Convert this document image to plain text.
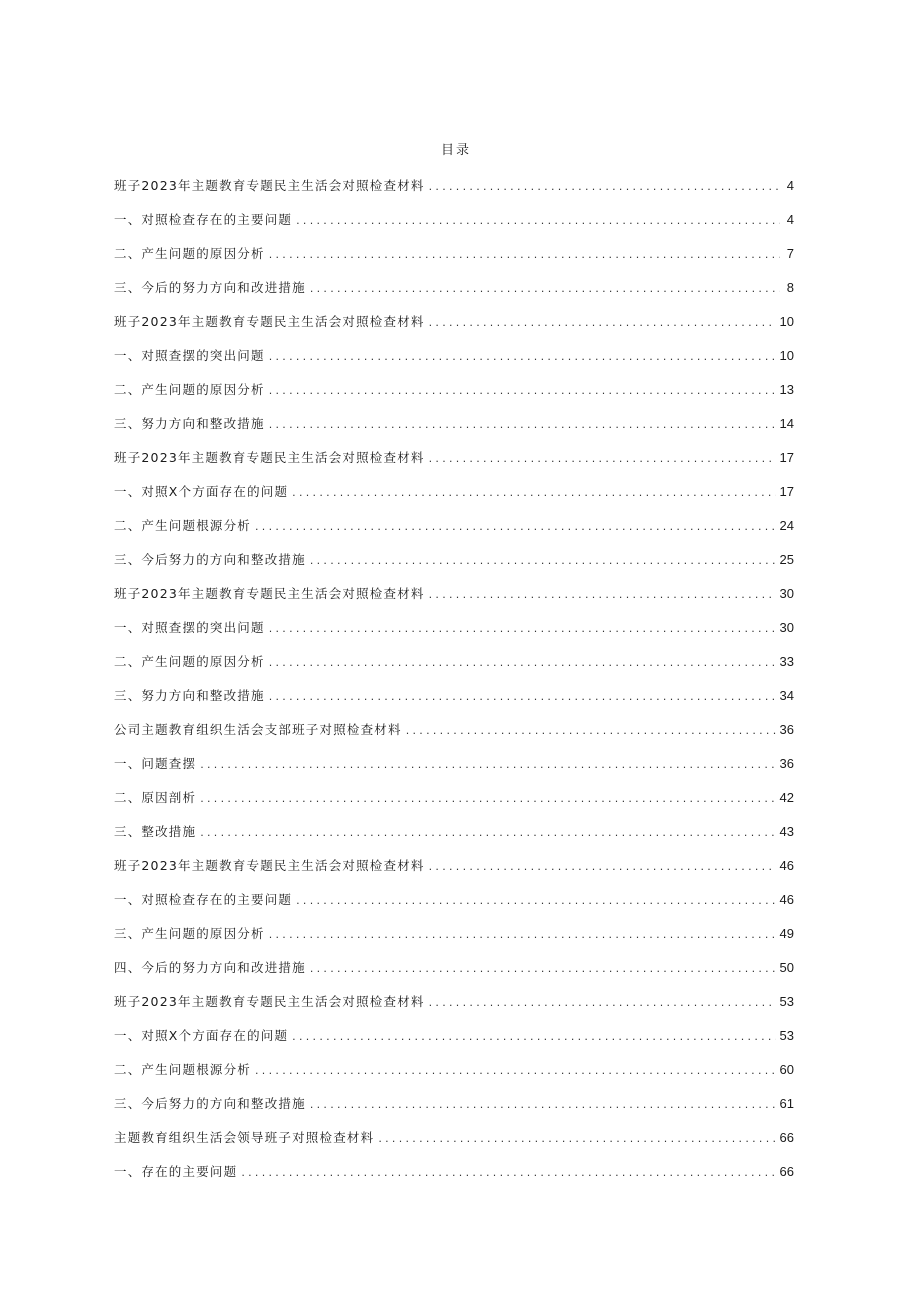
目录
班子2023年主题教育专题民主生活会对照检查材料 .....	4
一、对照检查存在的主要问题 .....	4
二、产生问题的原因分析 .....	7
三、今后的努力方向和改进措施 .....	8
班子2023年主题教育专题民主生活会对照检查材料 .....	10
一、对照查摆的突出问题 .....	10
二、产生问题的原因分析 .....	13
三、努力方向和整改措施 .....	14
班子2023年主题教育专题民主生活会对照检查材料 .....	17
一、对照X个方面存在的问题 .....	17
二、产生问题根源分析 .....	24
三、今后努力的方向和整改措施 .....	25
班子2023年主题教育专题民主生活会对照检查材料 .....	30
一、对照查摆的突出问题 .....	30
二、产生问题的原因分析 .....	33
三、努力方向和整改措施 .....	34
公司主题教育组织生活会支部班子对照检查材料 .....	36
一、问题查摆 .....	36
二、原因剖析 .....	42
三、整改措施 .....	43
班子2023年主题教育专题民主生活会对照检查材料 .....	46
一、对照检查存在的主要问题 .....	46
三、产生问题的原因分析 .....	49
四、今后的努力方向和改进措施 .....	50
班子2023年主题教育专题民主生活会对照检查材料 .....	53
一、对照X个方面存在的问题 .....	53
二、产生问题根源分析 .....	60
三、今后努力的方向和整改措施 .....	61
主题教育组织生活会领导班子对照检查材料 .....	66
一、存在的主要问题 .....	66
